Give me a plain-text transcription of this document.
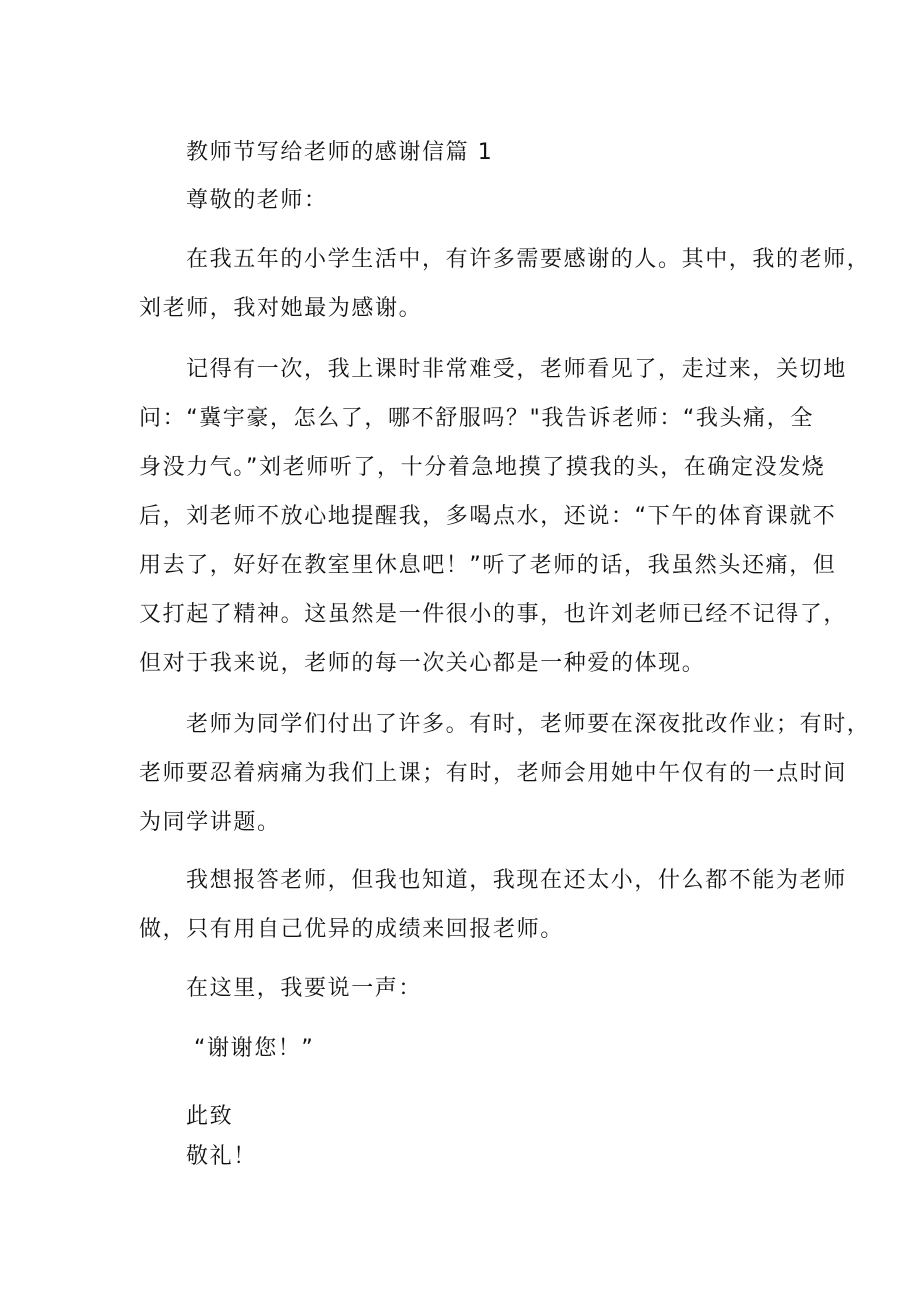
教师节写给老师的感谢信篇 1

尊敬的老师：

在我五年的小学生活中，有许多需要感谢的人。其中，我的老师，

刘老师，我对她最为感谢。

记得有一次，我上课时非常难受，老师看见了，走过来，关切地

问：“冀宇豪，怎么了，哪不舒服吗？"我告诉老师：“我头痛，全

身没力气。”刘老师听了，十分着急地摸了摸我的头，在确定没发烧

后，刘老师不放心地提醒我，多喝点水，还说：“下午的体育课就不

用去了，好好在教室里休息吧！”听了老师的话，我虽然头还痛，但

又打起了精神。这虽然是一件很小的事，也许刘老师已经不记得了，

但对于我来说，老师的每一次关心都是一种爱的体现。

老师为同学们付出了许多。有时，老师要在深夜批改作业；有时，

老师要忍着病痛为我们上课；有时，老师会用她中午仅有的一点时间

为同学讲题。

我想报答老师，但我也知道，我现在还太小，什么都不能为老师

做，只有用自己优异的成绩来回报老师。

在这里，我要说一声：

“谢谢您！”

此致

敬礼！
